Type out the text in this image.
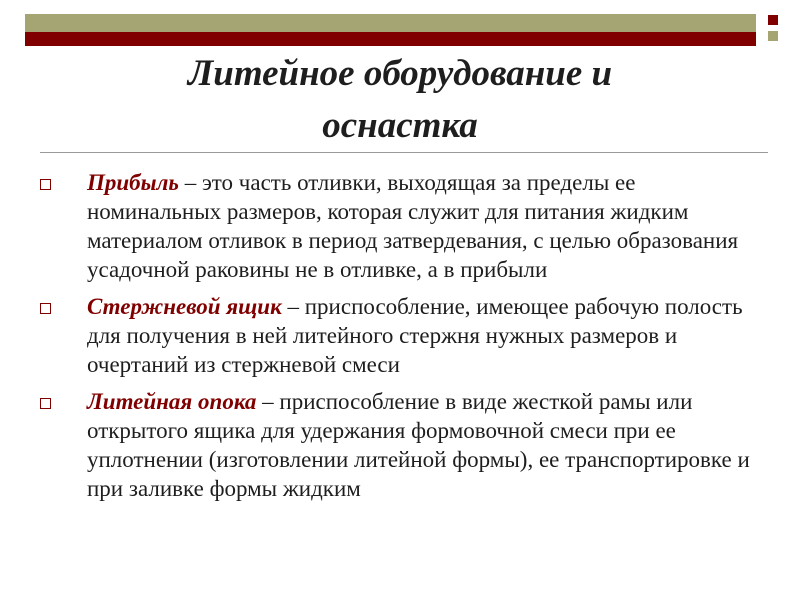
Литейное оборудование и
оснастка
Прибыль – это часть отливки, выходящая за пределы ее номинальных размеров, которая служит для питания жидким материалом отливок в период затвердевания, с целью образования усадочной раковины не в отливке, а в прибыли
Стержневой ящик – приспособление, имеющее рабочую полость для получения в ней литейного стержня нужных размеров и очертаний из стержневой смеси
Литейная опока – приспособление в виде жесткой рамы или открытого ящика для удержания формовочной смеси при ее уплотнении (изготовлении литейной формы), ее транспортировке и при заливке формы жидким
